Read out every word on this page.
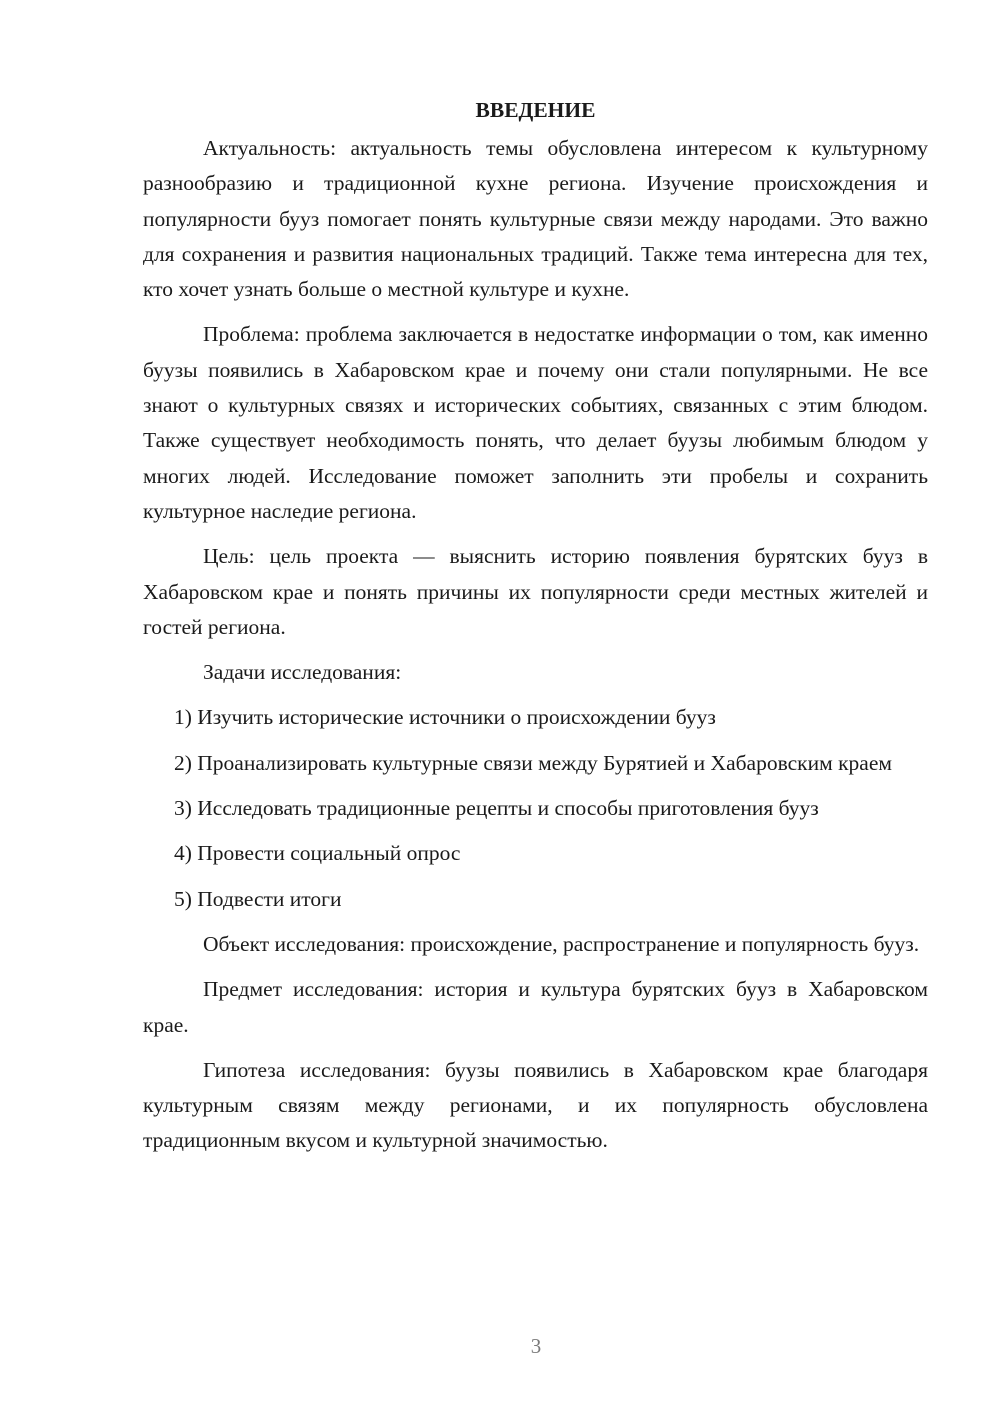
ВВЕДЕНИЕ

Актуальность: актуальность темы обусловлена интересом к культурному разнообразию и традиционной кухне региона. Изучение происхождения и популярности бууз помогает понять культурные связи между народами. Это важно для сохранения и развития национальных традиций. Также тема интересна для тех, кто хочет узнать больше о местной культуре и кухне.

Проблема: проблема заключается в недостатке информации о том, как именно буузы появились в Хабаровском крае и почему они стали популярными. Не все знают о культурных связях и исторических событиях, связанных с этим блюдом. Также существует необходимость понять, что делает буузы любимым блюдом у многих людей. Исследование поможет заполнить эти пробелы и сохранить культурное наследие региона.

Цель: цель проекта — выяснить историю появления бурятских бууз в Хабаровском крае и понять причины их популярности среди местных жителей и гостей региона.

Задачи исследования:

1) Изучить исторические источники о происхождении бууз

2) Проанализировать культурные связи между Бурятией и Хабаровским краем

3) Исследовать традиционные рецепты и способы приготовления бууз

4) Провести социальный опрос

5) Подвести итоги

Объект исследования: происхождение, распространение и популярность бууз.

Предмет исследования: история и культура бурятских бууз в Хабаровском крае.

Гипотеза исследования: буузы появились в Хабаровском крае благодаря культурным связям между регионами, и их популярность обусловлена традиционным вкусом и культурной значимостью.

3
